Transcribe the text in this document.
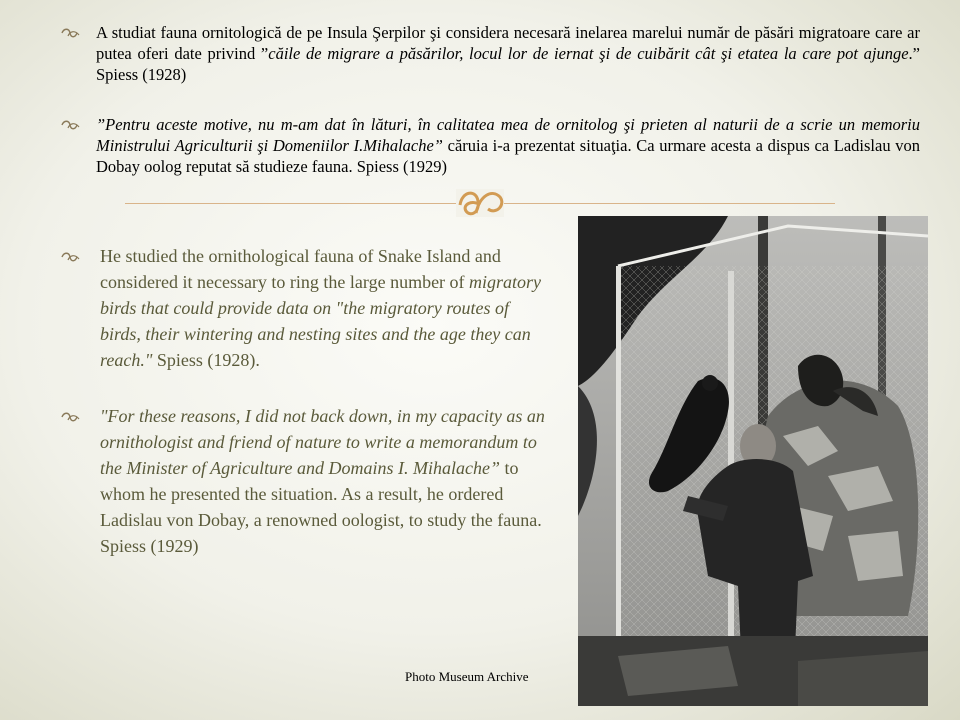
A studiat fauna ornitologică de pe Insula Şerpilor şi considera necesară inelarea marelui număr de păsări migratoare care ar putea oferi date privind ”căile de migrare a păsărilor, locul lor de iernat şi de cuibărit cât şi etatea la care pot ajunge.” Spiess (1928)
”Pentru aceste motive, nu m-am dat în lături, în calitatea mea de ornitolog şi prieten al naturii de a scrie un memoriu Ministrului Agriculturii şi Domeniilor I.Mihalache” căruia i-a prezentat situaţia. Ca urmare acesta a dispus ca Ladislau von Dobay oolog reputat să studieze fauna. Spiess (1929)
He studied the ornithological fauna of Snake Island and considered it necessary to ring the large number of migratory birds that could provide data on "the migratory routes of birds, their wintering and nesting sites and the age they can reach." Spiess (1928).
"For these reasons, I did not back down, in my capacity as an ornithologist and friend of nature to write a memorandum to the Minister of Agriculture and Domains I. Mihalache” to whom he presented the situation. As a result, he ordered Ladislau von Dobay, a renowned oologist, to study the fauna. Spiess (1929)
Photo Museum Archive
